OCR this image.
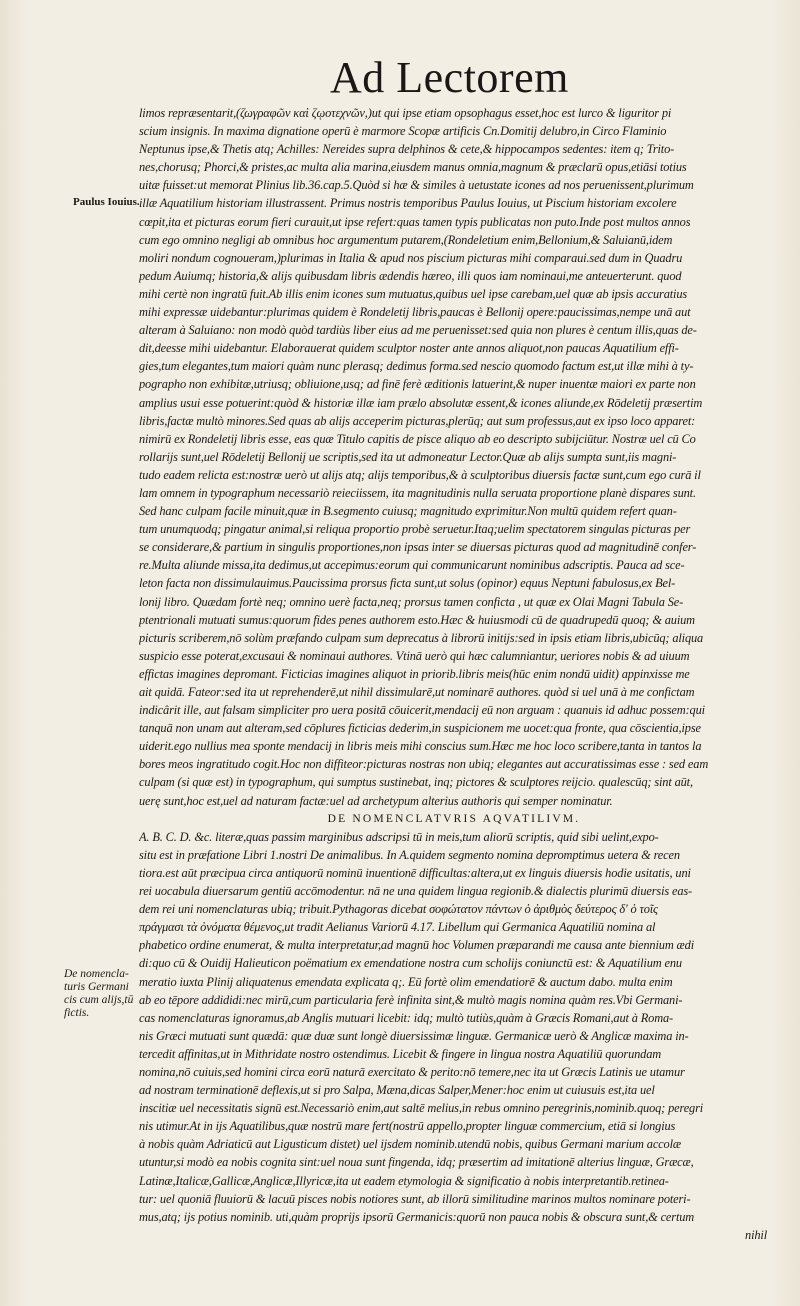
Ad Lectorem
Paulus Iouius.
De nomencla-
turis Germani
cis cum alijs,tū
fictis.
limos repræsentarit,(ζωγραφῶν καὶ ζῳοτεχνῶν,)ut qui ipse etiam opsophagus esset,hoc est lurco & liguritor pi
scium insignis. In maxima dignatione operū è marmore Scopæ artificis Cn.Domitij delubro,in Circo Flaminio
Neptunus ipse,& Thetis atq; Achilles: Nereides supra delphinos & cete,& hippocampos sedentes: item q; Trito-
nes,chorusq; Phorci,& pristes,ac multa alia marina,eiusdem manus omnia,magnum & præclarū opus,etiāsi totius
uitæ fuisset:ut memorat Plinius lib.36.cap.5.Quòd si hæ & similes à uetustate icones ad nos peruenissent,plurimum
illæ Aquatilium historiam illustrassent. Primus nostris temporibus Paulus Iouius, ut Piscium historiam excolere
cœpit,ita et picturas eorum fieri curauit,ut ipse refert:quas tamen typis publicatas non puto.Inde post multos annos
cum ego omnino negligi ab omnibus hoc argumentum putarem,(Rondeletium enim,Bellonium,& Saluianū,idem
moliri nondum cognoueram,)plurimas in Italia & apud nos piscium picturas mihi comparaui.sed dum in Quadru
pedum Auiumq; historia,& alijs quibusdam libris ædendis hæreo, illi quos iam nominaui,me anteuerterunt. quod
mihi certè non ingratū fuit.Ab illis enim icones sum mutuatus,quibus uel ipse carebam,uel quæ ab ipsis accuratius
mihi expressæ uidebantur:plurimas quidem è Rondeletij libris,paucas è Bellonij opere:paucissimas,nempe unā aut
alteram à Saluiano: non modò quòd tardiùs liber eius ad me peruenisset:sed quia non plures è centum illis,quas de-
dit,deesse mihi uidebantur. Elaborauerat quidem sculptor noster ante annos aliquot,non paucas Aquatilium effi-
gies,tum elegantes,tum maiori quàm nunc plerasq; dedimus forma.sed nescio quomodo factum est,ut illæ mihi à ty-
pographo non exhibitæ,utriusq; obliuione,usq; ad finē ferè æditionis latuerint,& nuper inuentæ maiori ex parte non
amplius usui esse potuerint:quòd & historiæ illæ iam prælo absolutæ essent,& icones aliunde,ex Rōdeletij præsertim
libris,factæ multò minores.Sed quas ab alijs acceperim picturas,plerūq; aut sum professus,aut ex ipso loco apparet:
nimirū ex Rondeletij libris esse, eas quæ Titulo capitis de pisce aliquo ab eo descripto subijciūtur. Nostræ uel cū Co
rollarijs sunt,uel Rōdeletij Bellonij ue scriptis,sed ita ut admoneatur Lector.Quæ ab alijs sumpta sunt,iis magni-
tudo eadem relicta est:nostræ uerò ut alijs atq; alijs temporibus,& à sculptoribus diuersis factæ sunt,cum ego curā il
lam omnem in typographum necessariò reieciissem, ita magnitudinis nulla seruata proportione planè dispares sunt.
Sed hanc culpam facile minuit,quæ in B.segmento cuiusq; magnitudo exprimitur.Non multū quidem refert quan-
tum unumquodq; pingatur animal,si reliqua proportio probè seruetur.Itaq;uelim spectatorem singulas picturas per
se considerare,& partium in singulis proportiones,non ipsas inter se diuersas picturas quod ad magnitudinē confer-
re.Multa aliunde missa,ita dedimus,ut accepimus:eorum qui communicarunt nominibus adscriptis. Pauca ad sce-
leton facta non dissimulauimus.Paucissima prorsus ficta sunt,ut solus (opinor) equus Neptuni fabulosus,ex Bel-
lonij libro. Quædam fortè neq; omnino uerè facta,neq; prorsus tamen conficta , ut quæ ex Olai Magni Tabula Se-
ptentrionali mutuati sumus:quorum fides penes authorem esto.Hæc & huiusmodi cū de quadrupedū quoq; & auium
picturis scriberem,nō solùm præfando culpam sum deprecatus à librorū initijs:sed in ipsis etiam libris,ubicūq; aliqua
suspicio esse poterat,excusaui & nominaui authores. Vtinā uerò qui hæc calumniantur, ueriores nobis & ad uiuum
effictas imagines depromant. Ficticias imagines aliquot in priorib.libris meis(hūc enim nondū uidit) appinxisse me
ait quidā. Fateor:sed ita ut reprehenderē,ut nihil dissimularē,ut nominarē authores. quòd si uel unā à me confictam
indicârit ille, aut falsam simpliciter pro uera positā cōuicerit,mendacij eū non arguam : quanuis id adhuc possem:qui
tanquā non unam aut alteram,sed cōplures ficticias dederim,in suspicionem me uocet:qua fronte, qua cōscientia,ipse
uiderit.ego nullius mea sponte mendacij in libris meis mihi conscius sum.Hæc me hoc loco scribere,tanta in tantos la
bores meos ingratitudo cogit.Hoc non diffiteor:picturas nostras non ubiq; elegantes aut accuratissimas esse : sed eam
culpam (si quæ est) in typographum, qui sumptus sustinebat, inq; pictores & sculptores reijcio. qualescūq; sint aūt,
uerę sunt,hoc est,uel ad naturam factæ:uel ad archetypum alterius authoris qui semper nominatur.
DE NOMENCLATVRIS AQVATILIVM.
A. B. C. D. &c. literæ,quas passim marginibus adscripsi tū in meis,tum aliorū scriptis, quid sibi uelint,expo-
situ est in præfatione Libri 1.nostri De animalibus. In A.quidem segmento nomina depromptimus uetera & recen
tiora.est aūt præcipua circa antiquorū nominū inuentionē difficultas:altera,ut ex linguis diuersis hodie usitatis, uni
rei uocabula diuersarum gentiū accōmodentur. nā ne una quidem lingua regionib.& dialectis plurimū diuersis eas-
dem rei uni nomenclaturas ubiq; tribuit.Pythagoras dicebat σοφώτατον πάντων ὁ ἀριθμὸς δεύτερος δ' ὁ τοῖς
πράγμασι τὰ ὀνόματα θέμενος,ut tradit Aelianus Variorū 4.17. Libellum qui Germanica Aquatiliū nomina al
phabetico ordine enumerat, & multa interpretatur,ad magnū hoc Volumen præparandi me causa ante biennium ædi
di:quo cū & Ouidij Halieuticon poëmatium ex emendatione nostra cum scholijs coniunctū est: & Aquatilium enu
meratio iuxta Plinij aliquatenus emendata explicata q;. Eū fortè olim emendatiorē & auctum dabo. multa enim
ab eo tēpore addididi:nec mirū,cum particularia ferè infinita sint,& multò magis nomina quàm res.Vbi Germani-
cas nomenclaturas ignoramus,ab Anglis mutuari licebit: idq; multò tutiùs,quàm à Græcis Romani,aut à Roma-
nis Græci mutuati sunt quædā: quæ duæ sunt longè diuersissimæ linguæ. Germanicæ uerò & Anglicæ maxima in-
tercedit affinitas,ut in Mithridate nostro ostendimus. Licebit & fingere in lingua nostra Aquatiliū quorundam
nomina,nō cuiuis,sed homini circa eorū naturā exercitato & perito:nō temere,nec ita ut Græcis Latinis ue utamur
ad nostram terminationē deflexis,ut si pro Salpa, Mæna,dicas Salper,Mener:hoc enim ut cuiusuis est,ita uel
inscitiæ uel necessitatis signū est.Necessariò enim,aut saltē melius,in rebus omnino peregrinis,nominib.quoq; peregri
nis utimur.At in ijs Aquatilibus,quæ nostrū mare fert(nostrū appello,propter linguæ commercium, etiā si longius
à nobis quàm Adriaticū aut Ligusticum distet) uel ijsdem nominib.utendū nobis, quibus Germani marium accolæ
utuntur,si modò ea nobis cognita sint:uel noua sunt fingenda, idq; præsertim ad imitationē alterius linguæ, Græcæ,
Latinæ,Italicæ,Gallicæ,Anglicæ,Illyricæ,ita ut eadem etymologia & significatio à nobis interpretantib.retinea-
tur: uel quoniā fluuiorū & lacuū pisces nobis notiores sunt, ab illorū similitudine marinos multos nominare poteri-
mus,atq; ijs potius nominib. uti,quàm proprijs ipsorū Germanicis:quorū non pauca nobis & obscura sunt,& certum
nihil
